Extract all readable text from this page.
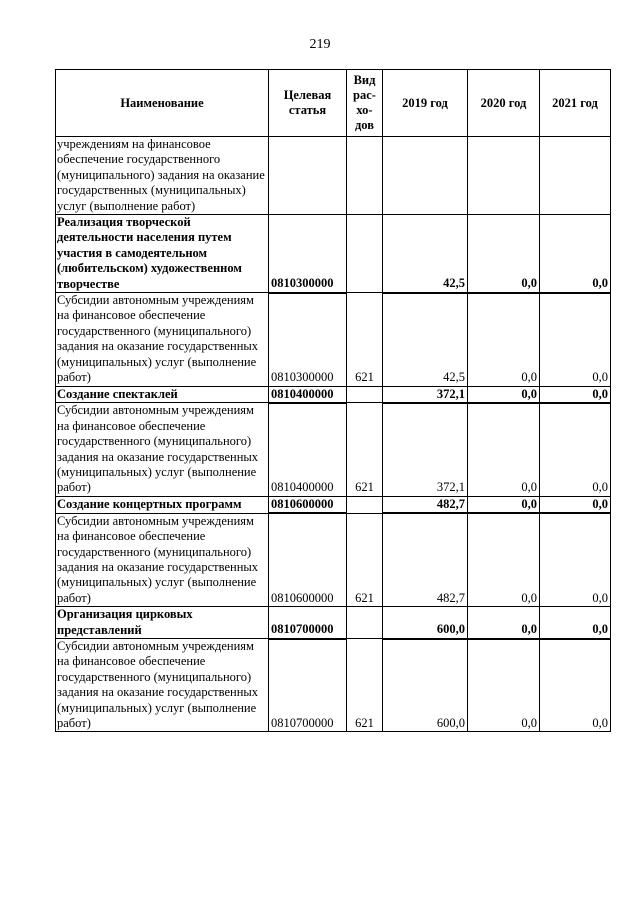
219
Наименование	Целевая статья	Вид рас- хо- дов	2019 год	2020 год	2021 год
учреждениям на финансовое обеспечение государственного (муниципального) задания на оказание государственных (муниципальных) услуг (выполнение работ)					
Реализация творческой деятельности населения путем участия в самодеятельном (любительском) художественном творчестве	0810300000		42,5	0,0	0,0
Субсидии автономным учреждениям на финансовое обеспечение государственного (муниципального) задания на оказание государственных (муниципальных) услуг (выполнение работ)	0810300000	621	42,5	0,0	0,0
Создание спектаклей	0810400000		372,1	0,0	0,0
Субсидии автономным учреждениям на финансовое обеспечение государственного (муниципального) задания на оказание государственных (муниципальных) услуг (выполнение работ)	0810400000	621	372,1	0,0	0,0
Создание концертных программ	0810600000		482,7	0,0	0,0
Субсидии автономным учреждениям на финансовое обеспечение государственного (муниципального) задания на оказание государственных (муниципальных) услуг (выполнение работ)	0810600000	621	482,7	0,0	0,0
Организация цирковых представлений	0810700000		600,0	0,0	0,0
Субсидии автономным учреждениям на финансовое обеспечение государственного (муниципального) задания на оказание государственных (муниципальных) услуг (выполнение работ)	0810700000	621	600,0	0,0	0,0
